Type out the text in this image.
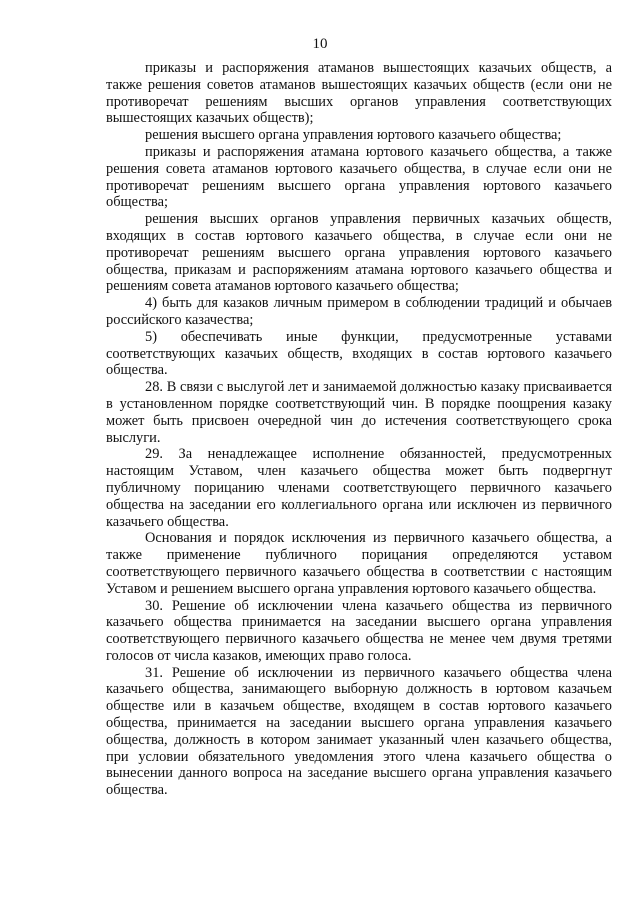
10

приказы и распоряжения атаманов вышестоящих казачьих обществ, а также решения советов атаманов вышестоящих казачьих обществ (если они не противоречат решениям высших органов управления соответствующих вышестоящих казачьих обществ);

решения высшего органа управления юртового казачьего общества;

приказы и распоряжения атамана юртового казачьего общества, а также решения совета атаманов юртового казачьего общества, в случае если они не противоречат решениям высшего органа управления юртового казачьего общества;

решения высших органов управления первичных казачьих обществ, входящих в состав юртового казачьего общества, в случае если они не противоречат решениям высшего органа управления юртового казачьего общества, приказам и распоряжениям атамана юртового казачьего общества и решениям совета атаманов юртового казачьего общества;

4) быть для казаков личным примером в соблюдении традиций и обычаев российского казачества;

5) обеспечивать иные функции, предусмотренные уставами соответствующих казачьих обществ, входящих в состав юртового казачьего общества.

28. В связи с выслугой лет и занимаемой должностью казаку присваивается в установленном порядке соответствующий чин. В порядке поощрения казаку может быть присвоен очередной чин до истечения соответствующего срока выслуги.

29. За ненадлежащее исполнение обязанностей, предусмотренных настоящим Уставом, член казачьего общества может быть подвергнут публичному порицанию членами соответствующего первичного казачьего общества на заседании его коллегиального органа или исключен из первичного казачьего общества.

Основания и порядок исключения из первичного казачьего общества, а также применение публичного порицания определяются уставом соответствующего первичного казачьего общества в соответствии с настоящим Уставом и решением высшего органа управления юртового казачьего общества.

30. Решение об исключении члена казачьего общества из первичного казачьего общества принимается на заседании высшего органа управления соответствующего первичного казачьего общества не менее чем двумя третями голосов от числа казаков, имеющих право голоса.

31. Решение об исключении из первичного казачьего общества члена казачьего общества, занимающего выборную должность в юртовом казачьем обществе или в казачьем обществе, входящем в состав юртового казачьего общества, принимается на заседании высшего органа управления казачьего общества, должность в котором занимает указанный член казачьего общества, при условии обязательного уведомления этого члена казачьего общества о вынесении данного вопроса на заседание высшего органа управления казачьего общества.
